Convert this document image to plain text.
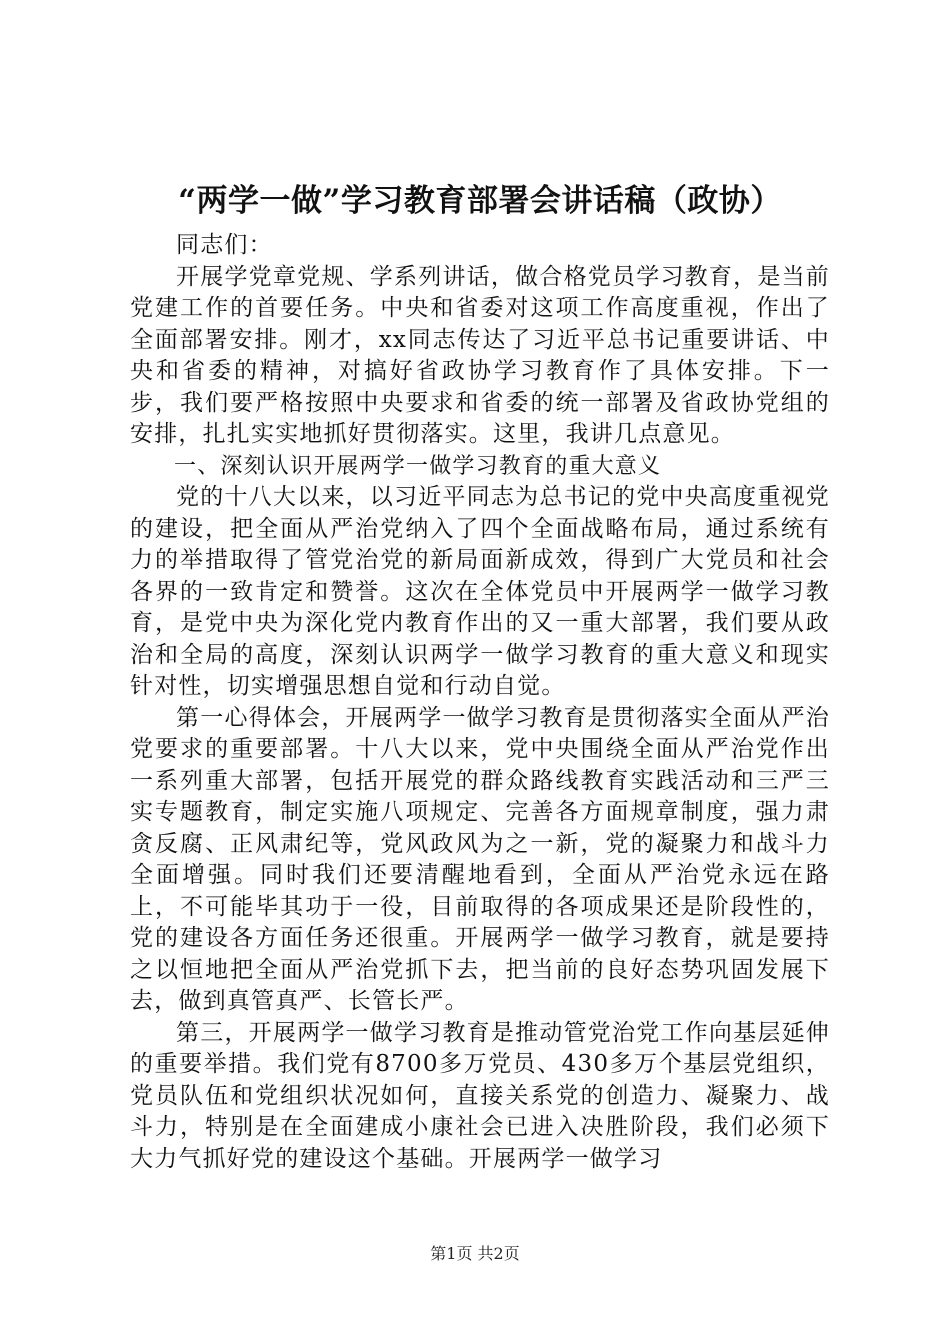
“两学一做”学习教育部署会讲话稿（政协）

同志们：

开展学党章党规、学系列讲话，做合格党员学习教育，是当前党建工作的首要任务。中央和省委对这项工作高度重视，作出了全面部署安排。刚才，xx同志传达了习近平总书记重要讲话、中央和省委的精神，对搞好省政协学习教育作了具体安排。下一步，我们要严格按照中央要求和省委的统一部署及省政协党组的安排，扎扎实实地抓好贯彻落实。这里，我讲几点意见。

一、深刻认识开展两学一做学习教育的重大意义

党的十八大以来，以习近平同志为总书记的党中央高度重视党的建设，把全面从严治党纳入了四个全面战略布局，通过系统有力的举措取得了管党治党的新局面新成效，得到广大党员和社会各界的一致肯定和赞誉。这次在全体党员中开展两学一做学习教育，是党中央为深化党内教育作出的又一重大部署，我们要从政治和全局的高度，深刻认识两学一做学习教育的重大意义和现实针对性，切实增强思想自觉和行动自觉。

第一心得体会，开展两学一做学习教育是贯彻落实全面从严治党要求的重要部署。十八大以来，党中央围绕全面从严治党作出一系列重大部署，包括开展党的群众路线教育实践活动和三严三实专题教育，制定实施八项规定、完善各方面规章制度，强力肃贪反腐、正风肃纪等，党风政风为之一新，党的凝聚力和战斗力全面增强。同时我们还要清醒地看到，全面从严治党永远在路上，不可能毕其功于一役，目前取得的各项成果还是阶段性的，党的建设各方面任务还很重。开展两学一做学习教育，就是要持之以恒地把全面从严治党抓下去，把当前的良好态势巩固发展下去，做到真管真严、长管长严。

第三，开展两学一做学习教育是推动管党治党工作向基层延伸的重要举措。我们党有8700多万党员、430多万个基层党组织，党员队伍和党组织状况如何，直接关系党的创造力、凝聚力、战斗力，特别是在全面建成小康社会已进入决胜阶段，我们必须下大力气抓好党的建设这个基础。开展两学一做学习

第1页 共2页
